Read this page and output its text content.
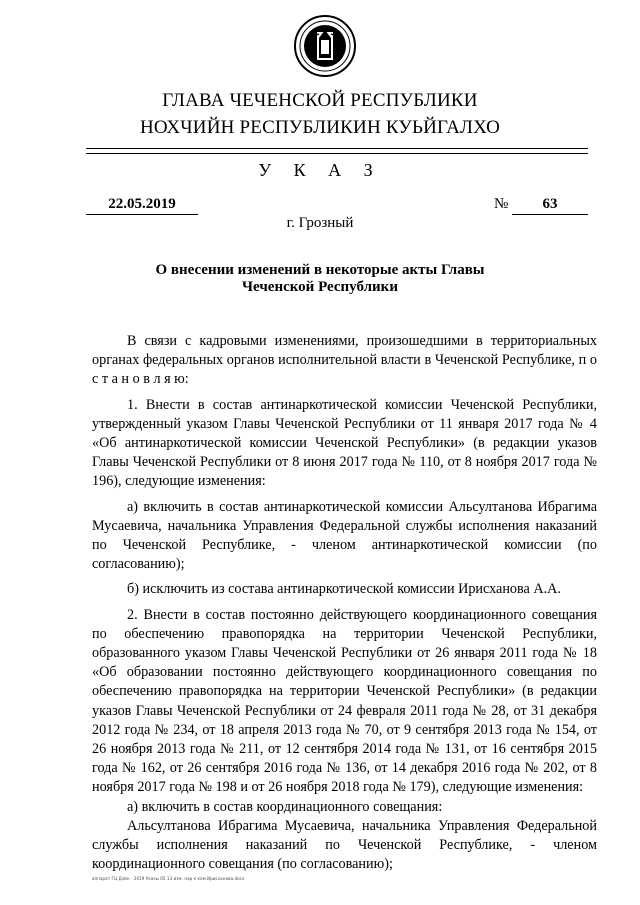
ГЛАВА ЧЕЧЕНСКОЙ РЕСПУБЛИКИ
НОХЧИЙН РЕСПУБЛИКИН КУЬЙГАЛХО
У К А З
22.05.2019	№	63
г. Грозный
О внесении изменений в некоторые акты Главы Чеченской Республики

В связи с кадровыми изменениями, произошедшими в территориальных органах федеральных органов исполнительной власти в Чеченской Республике, п о с т а н о в л я ю:

1. Внести в состав антинаркотической комиссии Чеченской Республики, утвержденный указом Главы Чеченской Республики от 11 января 2017 года № 4 «Об антинаркотической комиссии Чеченской Республики» (в редакции указов Главы Чеченской Республики от 8 июня 2017 года № 110, от 8 ноября 2017 года № 196), следующие изменения:

а) включить в состав антинаркотической комиссии Альсултанова Ибрагима Мусаевича, начальника Управления Федеральной службы исполнения наказаний по Чеченской Республике, - членом антинаркотической комиссии (по согласованию);

б) исключить из состава антинаркотической комиссии Ирисханова А.А.

2. Внести в состав постоянно действующего координационного совещания по обеспечению правопорядка на территории Чеченской Республики, образованного указом Главы Чеченской Республики от 26 января 2011 года № 18 «Об образовании постоянно действующего координационного совещания по обеспечению правопорядка на территории Чеченской Республики» (в редакции указов Главы Чеченской Республики от 24 февраля 2011 года № 28, от 31 декабря 2012 года № 234, от 18 апреля 2013 года № 70, от 9 сентября 2013 года № 154, от 26 ноября 2013 года № 211, от 12 сентября 2014 года № 131, от 16 сентября 2015 года № 162, от 26 сентября 2016 года № 136, от 14 декабря 2016 года № 202, от 8 ноября 2017 года № 198 и от 26 ноября 2018 года № 179), следующие изменения:

а) включить в состав координационного совещания:

Альсултанова Ибрагима Мусаевича, начальника Управления Федеральной службы исполнения наказаний по Чеченской Республике, - членом координационного совещания (по согласованию);

аппарат ГЦ Дэйн - 2019 Указы 05 13 изм. нар к ком.Ирисханова.docx
